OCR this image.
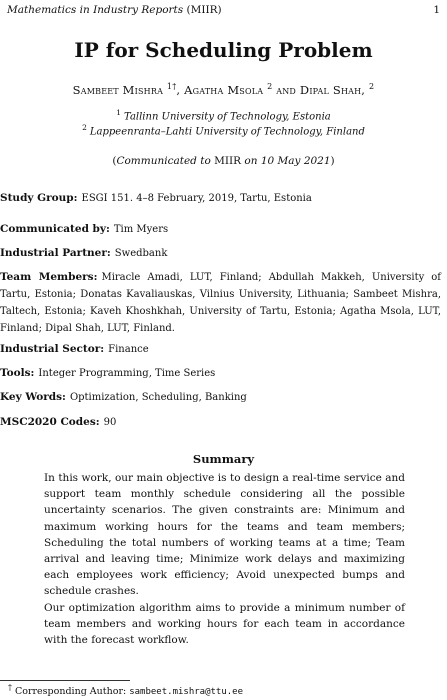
Mathematics in Industry Reports (MIIR)	1
IP for Scheduling Problem
Sambeet Mishra $^{1\dagger}$, Agatha Msola $^2$ and Dipal Shah, $^2$
$^1$ Tallinn University of Technology, Estonia
$^2$ Lappeenranta–Lahti University of Technology, Finland
(Communicated to MIIR on 10 May 2021)
Study Group: ESGI 151. 4–8 February, 2019, Tartu, Estonia
Communicated by: Tim Myers
Industrial Partner: Swedbank
Team Members: Miracle Amadi, LUT, Finland; Abdullah Makkeh, University of Tartu, Estonia; Donatas Kavaliauskas, Vilnius University, Lithuania; Sambeet Mishra, Taltech, Estonia; Kaveh Khoshkhah, University of Tartu, Estonia; Agatha Msola, LUT, Finland; Dipal Shah, LUT, Finland.
Industrial Sector: Finance
Tools: Integer Programming, Time Series
Key Words: Optimization, Scheduling, Banking
MSC2020 Codes: 90
Summary

In this work, our main objective is to design a real-time service and support team monthly schedule considering all the possible uncertainty scenarios. The given constraints are: Minimum and maximum working hours for the teams and team members; Scheduling the total numbers of working teams at a time; Team arrival and leaving time; Minimize work delays and maximizing each employees work efficiency; Avoid unexpected bumps and schedule crashes.

Our optimization algorithm aims to provide a minimum number of team members and working hours for each team in accordance with the forecast workflow.

† Corresponding Author: sambeet.mishra@ttu.ee
